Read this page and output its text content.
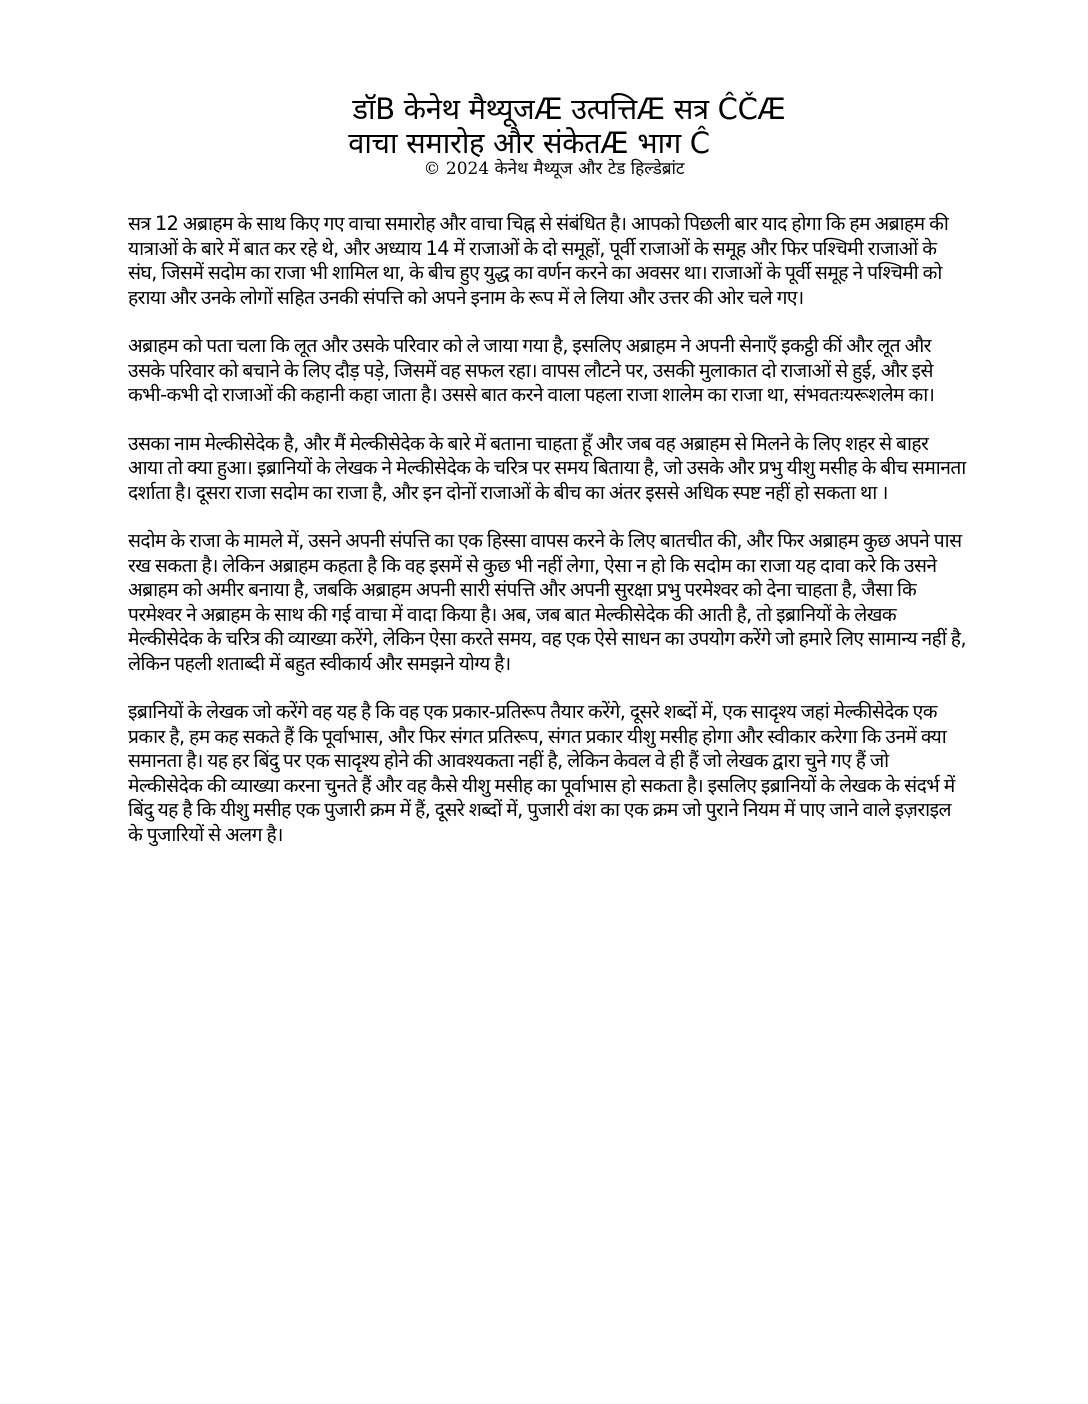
डॉB केनेथ मैथ्यूजÆ उत्पत्तिÆ सत्र ĈČÆ
वाचा समारोह और संकेतÆ भाग Ĉ
© 2024 केनेथ मैथ्यूज और टेड हिल्डेब्रांट

सत्र 12 अब्राहम के साथ किए गए वाचा समारोह और वाचा चिह्न से संबंधित है। आपको पिछली बार याद होगा कि हम अब्राहम की यात्राओं के बारे में बात कर रहे थे, और अध्याय 14 में राजाओं के दो समूहों, पूर्वी राजाओं के समूह और फिर पश्चिमी राजाओं के संघ, जिसमें सदोम का राजा भी शामिल था, के बीच हुए युद्ध का वर्णन करने का अवसर था। राजाओं के पूर्वी समूह ने पश्चिमी को हराया और उनके लोगों सहित उनकी संपत्ति को अपने इनाम के रूप में ले लिया और उत्तर की ओर चले गए।

अब्राहम को पता चला कि लूत और उसके परिवार को ले जाया गया है, इसलिए अब्राहम ने अपनी सेनाएँ इकट्ठी कीं और लूत और उसके परिवार को बचाने के लिए दौड़ पड़े, जिसमें वह सफल रहा। वापस लौटने पर, उसकी मुलाकात दो राजाओं से हुई, और इसे कभी-कभी दो राजाओं की कहानी कहा जाता है। उससे बात करने वाला पहला राजा शालेम का राजा था, संभवतःयरूशलेम का।

उसका नाम मेल्कीसेदेक है, और मैं मेल्कीसेदेक के बारे में बताना चाहता हूँ और जब वह अब्राहम से मिलने के लिए शहर से बाहर आया तो क्या हुआ। इब्रानियों के लेखक ने मेल्कीसेदेक के चरित्र पर समय बिताया है, जो उसके और प्रभु यीशु मसीह के बीच समानता दर्शाता है। दूसरा राजा सदोम का राजा है, और इन दोनों राजाओं के बीच का अंतर इससे अधिक स्पष्ट नहीं हो सकता था ।

सदोम के राजा के मामले में, उसने अपनी संपत्ति का एक हिस्सा वापस करने के लिए बातचीत की, और फिर अब्राहम कुछ अपने पास रख सकता है। लेकिन अब्राहम कहता है कि वह इसमें से कुछ भी नहीं लेगा, ऐसा न हो कि सदोम का राजा यह दावा करे कि उसने अब्राहम को अमीर बनाया है, जबकि अब्राहम अपनी सारी संपत्ति और अपनी सुरक्षा प्रभु परमेश्वर को देना चाहता है, जैसा कि परमेश्वर ने अब्राहम के साथ की गई वाचा में वादा किया है। अब, जब बात मेल्कीसेदेक की आती है, तो इब्रानियों के लेखक मेल्कीसेदेक के चरित्र की व्याख्या करेंगे, लेकिन ऐसा करते समय, वह एक ऐसे साधन का उपयोग करेंगे जो हमारे लिए सामान्य नहीं है, लेकिन पहली शताब्दी में बहुत स्वीकार्य और समझने योग्य है।

इब्रानियों के लेखक जो करेंगे वह यह है कि वह एक प्रकार-प्रतिरूप तैयार करेंगे, दूसरे शब्दों में, एक सादृश्य जहां मेल्कीसेदेक एक प्रकार है, हम कह सकते हैं कि पूर्वाभास, और फिर संगत प्रतिरूप, संगत प्रकार यीशु मसीह होगा और स्वीकार करेगा कि उनमें क्या समानता है। यह हर बिंदु पर एक सादृश्य होने की आवश्यकता नहीं है, लेकिन केवल वे ही हैं जो लेखक द्वारा चुने गए हैं जो मेल्कीसेदेक की व्याख्या करना चुनते हैं और वह कैसे यीशु मसीह का पूर्वाभास हो सकता है। इसलिए इब्रानियों के लेखक के संदर्भ में बिंदु यह है कि यीशु मसीह एक पुजारी क्रम में हैं, दूसरे शब्दों में, पुजारी वंश का एक क्रम जो पुराने नियम में पाए जाने वाले इज़राइल के पुजारियों से अलग है।
